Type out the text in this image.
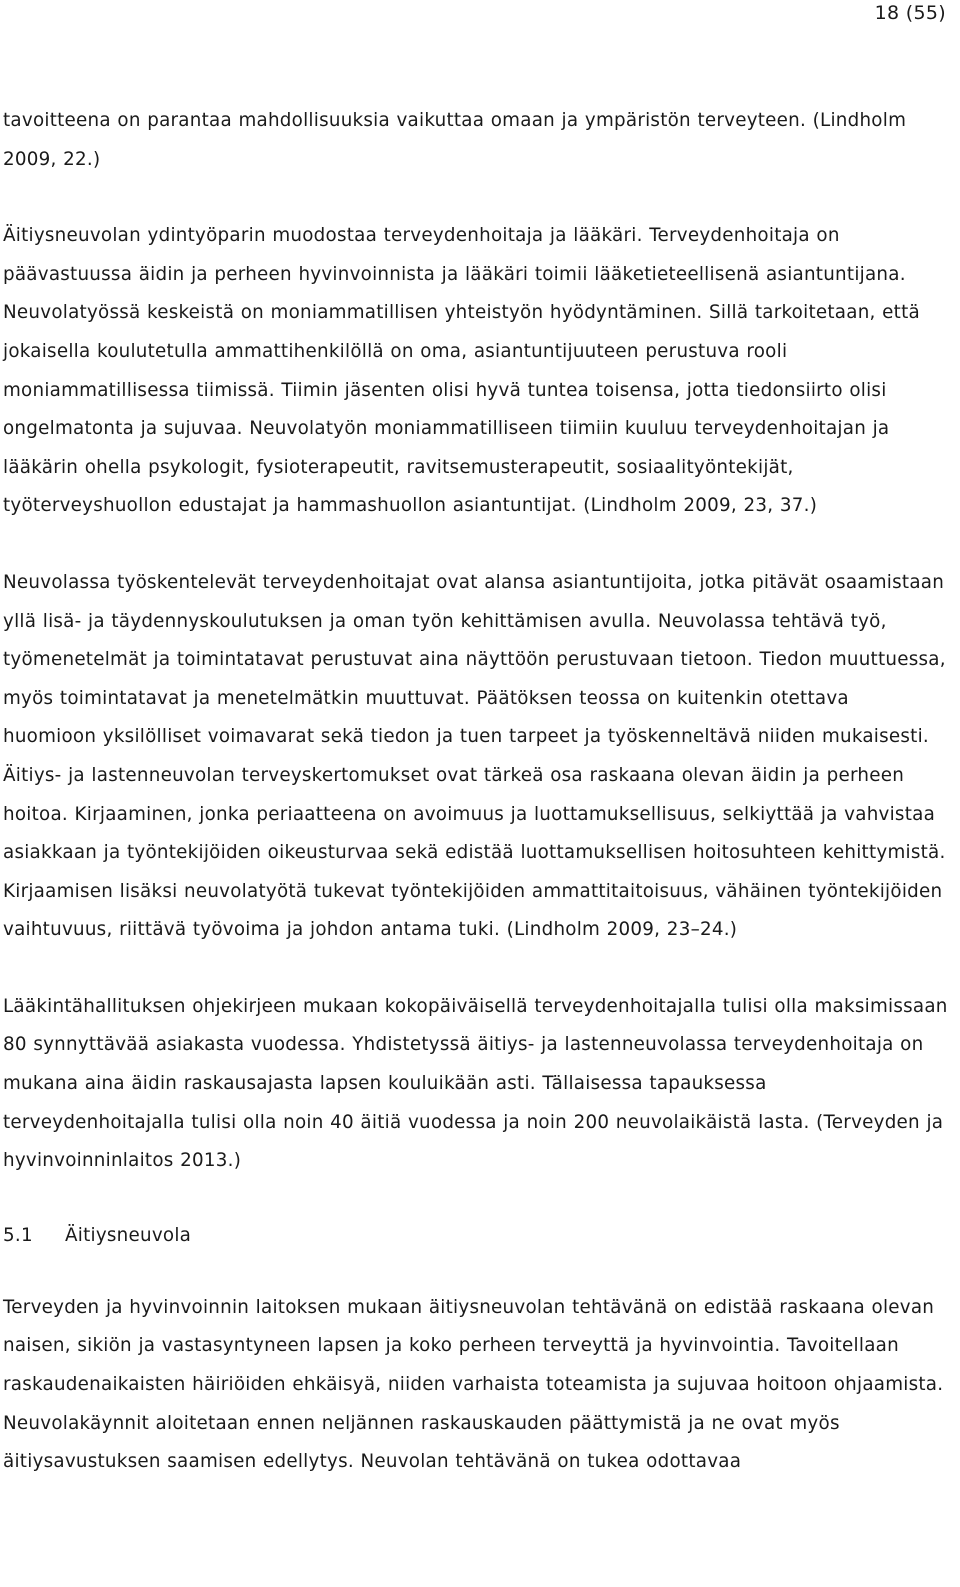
18 (55)

tavoitteena on parantaa mahdollisuuksia vaikuttaa omaan ja ympäristön terveyteen. (Lindholm 2009, 22.)

Äitiysneuvolan ydintyöparin muodostaa terveydenhoitaja ja lääkäri. Terveydenhoitaja on päävastuussa äidin ja perheen hyvinvoinnista ja lääkäri toimii lääketieteellisenä asiantuntijana. Neuvolatyössä keskeistä on moniammatillisen yhteistyön hyödyntäminen. Sillä tarkoitetaan, että jokaisella koulutetulla ammattihenkilöllä on oma, asiantuntijuuteen perustuva rooli moniammatillisessa tiimissä. Tiimin jäsenten olisi hyvä tuntea toisensa, jotta tiedonsiirto olisi ongelmatonta ja sujuvaa. Neuvolatyön moniammatilliseen tiimiin kuuluu terveydenhoitajan ja lääkärin ohella psykologit, fysioterapeutit, ravitsemusterapeutit, sosiaalityöntekijät, työterveyshuollon edustajat ja hammashuollon asiantuntijat. (Lindholm 2009, 23, 37.)

Neuvolassa työskentelevät terveydenhoitajat ovat alansa asiantuntijoita, jotka pitävät osaamistaan yllä lisä- ja täydennyskoulutuksen ja oman työn kehittämisen avulla. Neuvolassa tehtävä työ, työmenetelmät ja toimintatavat perustuvat aina näyttöön perustuvaan tietoon. Tiedon muuttuessa, myös toimintatavat ja menetelmätkin muuttuvat. Päätöksen teossa on kuitenkin otettava huomioon yksilölliset voimavarat sekä tiedon ja tuen tarpeet ja työskenneltävä niiden mukaisesti. Äitiys- ja lastenneuvolan terveyskertomukset ovat tärkeä osa raskaana olevan äidin ja perheen hoitoa. Kirjaaminen, jonka periaatteena on avoimuus ja luottamuksellisuus, selkiyttää ja vahvistaa asiakkaan ja työntekijöiden oikeusturvaa sekä edistää luottamuksellisen hoitosuhteen kehittymistä. Kirjaamisen lisäksi neuvolatyötä tukevat työntekijöiden ammattitaitoisuus, vähäinen työntekijöiden vaihtuvuus, riittävä työvoima ja johdon antama tuki. (Lindholm 2009, 23–24.)

Lääkintähallituksen ohjekirjeen mukaan kokopäiväisellä terveydenhoitajalla tulisi olla maksimissaan 80 synnyttävää asiakasta vuodessa. Yhdistetyssä äitiys- ja lastenneuvolassa terveydenhoitaja on mukana aina äidin raskausajasta lapsen kouluikään asti. Tällaisessa tapauksessa terveydenhoitajalla tulisi olla noin 40 äitiä vuodessa ja noin 200 neuvolaikäistä lasta. (Terveyden ja hyvinvoinninlaitos 2013.)

5.1 Äitiysneuvola

Terveyden ja hyvinvoinnin laitoksen mukaan äitiysneuvolan tehtävänä on edistää raskaana olevan naisen, sikiön ja vastasyntyneen lapsen ja koko perheen terveyttä ja hyvinvointia. Tavoitellaan raskaudenaikaisten häiriöiden ehkäisyä, niiden varhaista toteamista ja sujuvaa hoitoon ohjaamista. Neuvolakäynnit aloitetaan ennen neljännen raskauskauden päättymistä ja ne ovat myös äitiysavustuksen saamisen edellytys. Neuvolan tehtävänä on tukea odottavaa
